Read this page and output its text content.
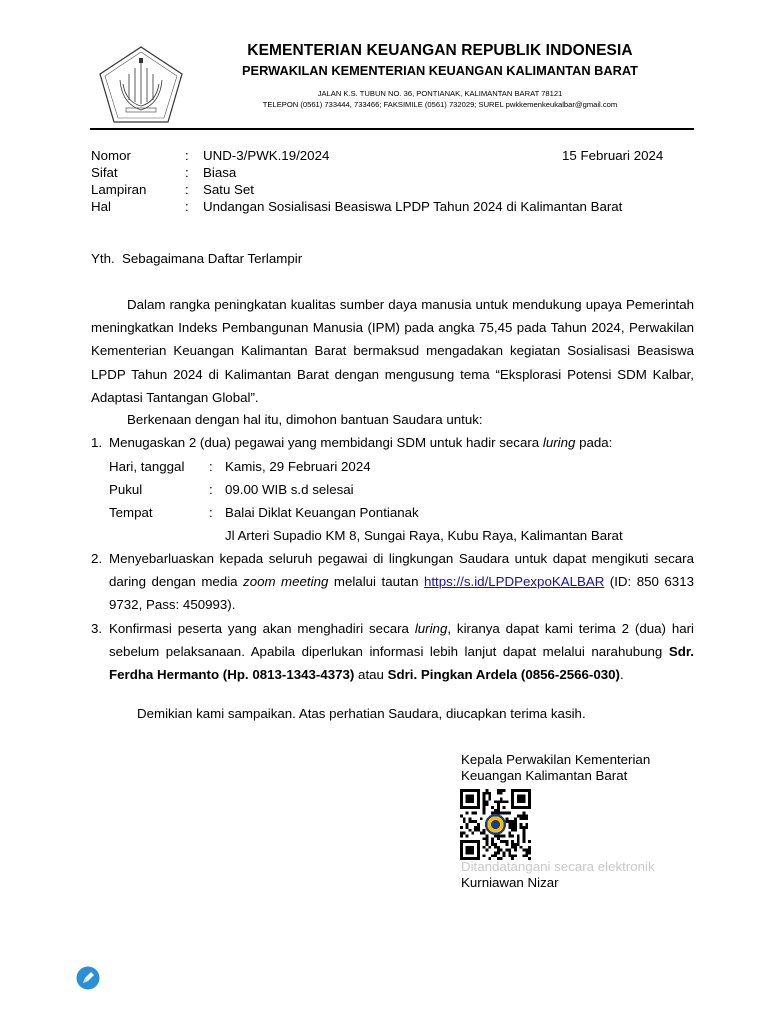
KEMENTERIAN KEUANGAN REPUBLIK INDONESIA
PERWAKILAN KEMENTERIAN KEUANGAN KALIMANTAN BARAT
JALAN K.S. TUBUN NO. 36, PONTIANAK, KALIMANTAN BARAT 78121
TELEPON (0561) 733444, 733466; FAKSIMILE (0561) 732029; SUREL pwkkemenkeukalbar@gmail.com
Nomor	: UND-3/PWK.19/2024	15 Februari 2024
Sifat	: Biasa
Lampiran	: Satu Set
Hal	: Undangan Sosialisasi Beasiswa LPDP Tahun 2024 di Kalimantan Barat
Yth. Sebagaimana Daftar Terlampir
Dalam rangka peningkatan kualitas sumber daya manusia untuk mendukung upaya Pemerintah meningkatkan Indeks Pembangunan Manusia (IPM) pada angka 75,45 pada Tahun 2024, Perwakilan Kementerian Keuangan Kalimantan Barat bermaksud mengadakan kegiatan Sosialisasi Beasiswa LPDP Tahun 2024 di Kalimantan Barat dengan mengusung tema “Eksplorasi Potensi SDM Kalbar, Adaptasi Tantangan Global”.
Berkenaan dengan hal itu, dimohon bantuan Saudara untuk:
1. Menugaskan 2 (dua) pegawai yang membidangi SDM untuk hadir secara luring pada:
Hari, tanggal : Kamis, 29 Februari 2024
Pukul	: 09.00 WIB s.d selesai
Tempat	: Balai Diklat Keuangan Pontianak
Jl Arteri Supadio KM 8, Sungai Raya, Kubu Raya, Kalimantan Barat
2. Menyebarluaskan kepada seluruh pegawai di lingkungan Saudara untuk dapat mengikuti secara daring dengan media zoom meeting melalui tautan https://s.id/LPDPexpoKALBAR (ID: 850 6313 9732, Pass: 450993).
3. Konfirmasi peserta yang akan menghadiri secara luring, kiranya dapat kami terima 2 (dua) hari sebelum pelaksanaan. Apabila diperlukan informasi lebih lanjut dapat melalui narahubung Sdr. Ferdha Hermanto (Hp. 0813-1343-4373) atau Sdri. Pingkan Ardela (0856-2566-030).
Demikian kami sampaikan. Atas perhatian Saudara, diucapkan terima kasih.
Kepala Perwakilan Kementerian
Keuangan Kalimantan Barat
Ditandatangani secara elektronik
Kurniawan Nizar
